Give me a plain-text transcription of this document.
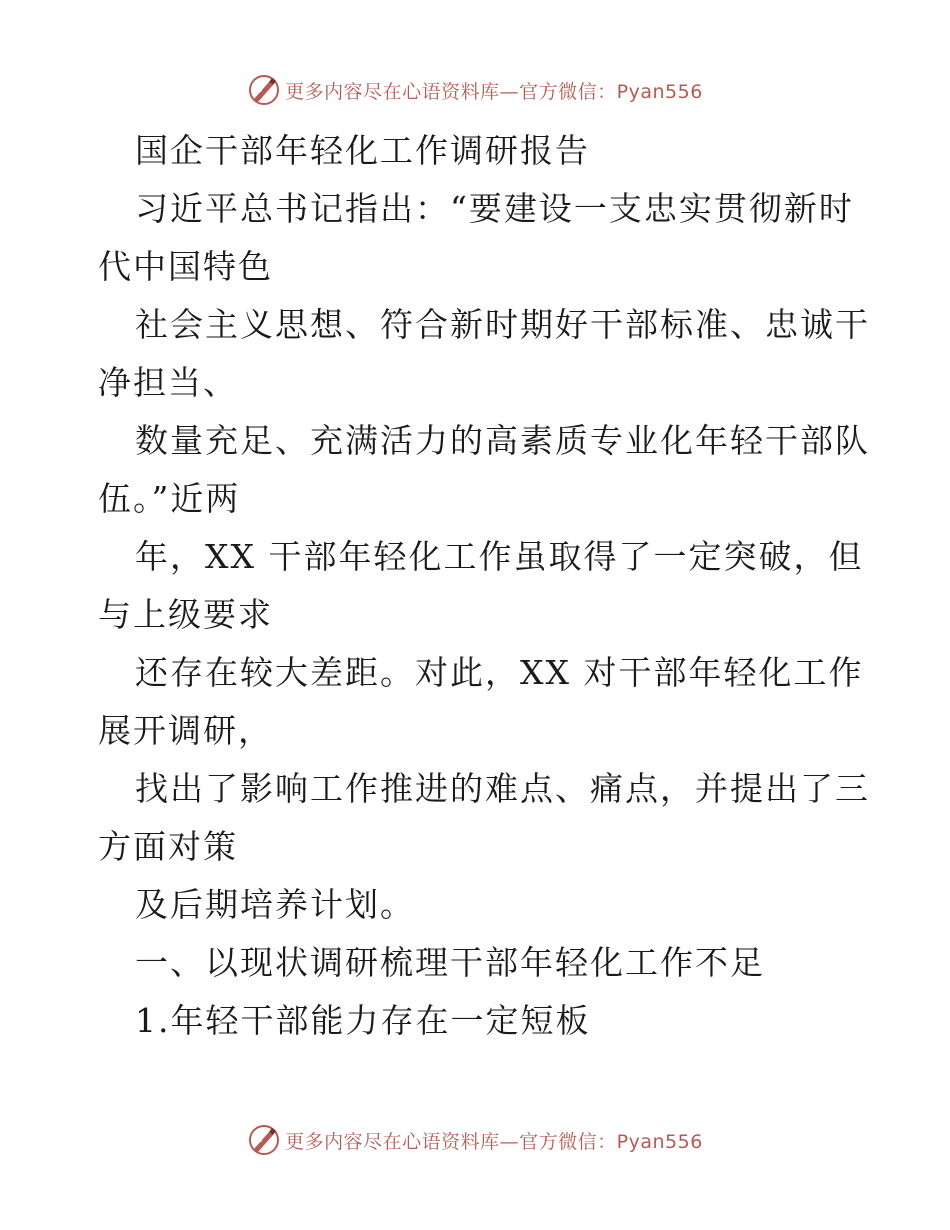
更多内容尽在心语资料库—官方微信：Pyan556
国企干部年轻化工作调研报告
习近平总书记指出：“要建设一支忠实贯彻新时
代中国特色
社会主义思想、符合新时期好干部标准、忠诚干
净担当、
数量充足、充满活力的高素质专业化年轻干部队
伍。”近两
年，XX 干部年轻化工作虽取得了一定突破，但
与上级要求
还存在较大差距。对此，XX 对干部年轻化工作
展开调研，
找出了影响工作推进的难点、痛点，并提出了三
方面对策
及后期培养计划。
一、以现状调研梳理干部年轻化工作不足
1.年轻干部能力存在一定短板
更多内容尽在心语资料库—官方微信：Pyan556
